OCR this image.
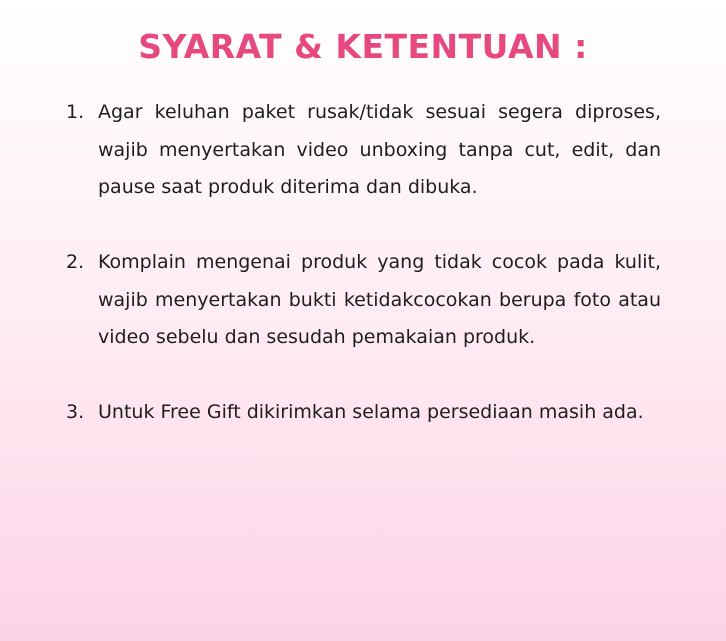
SYARAT & KETENTUAN :
1. Agar keluhan paket rusak/tidak sesuai segera diproses, wajib menyertakan video unboxing tanpa cut, edit, dan pause saat produk diterima dan dibuka.
2. Komplain mengenai produk yang tidak cocok pada kulit, wajib menyertakan bukti ketidakcocokan berupa foto atau video sebelu dan sesudah pemakaian produk.
3. Untuk Free Gift dikirimkan selama persediaan masih ada.
